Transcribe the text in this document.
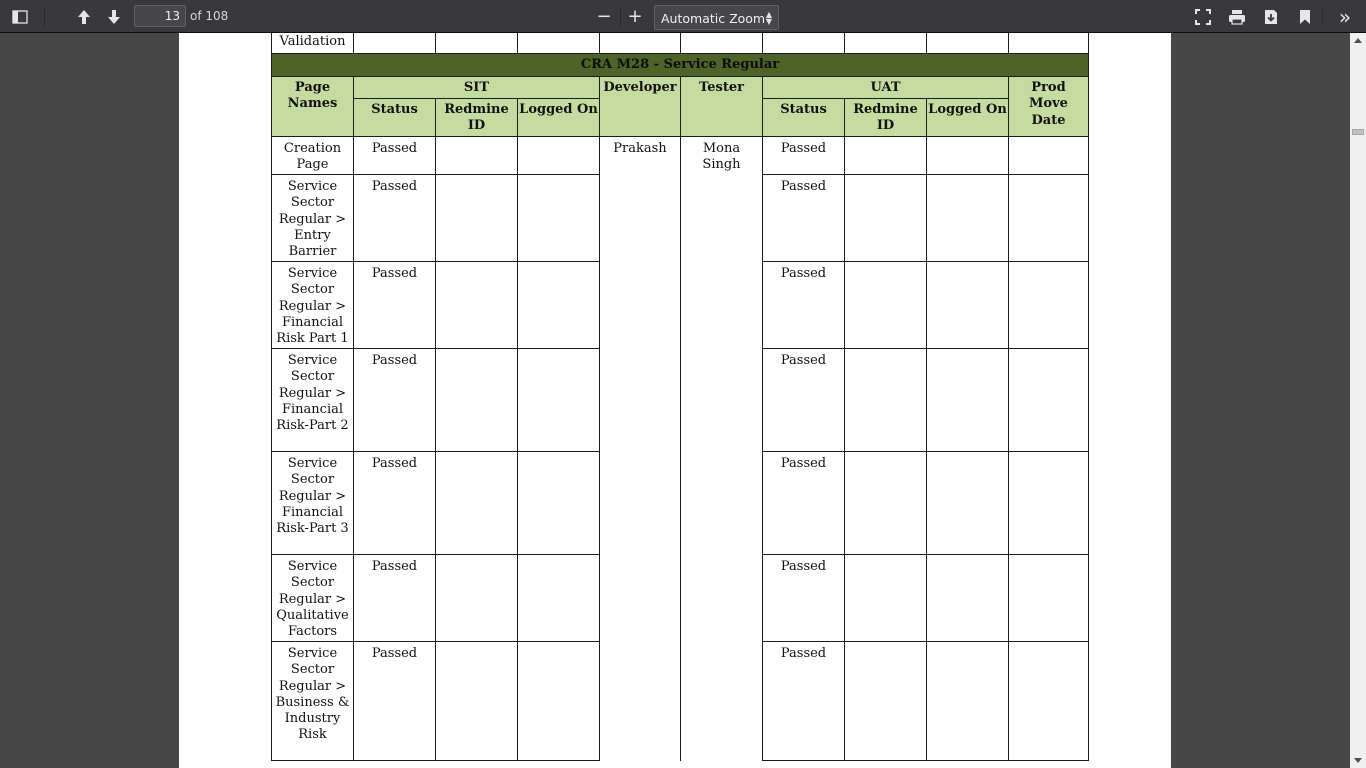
13 of 108	− +	Automatic Zoom ▲
▼	»
Validation									
CRA M28 - Service Regular									
Page Names	SIT			Developer	Tester	UAT			Prod Move Date
	Status	Redmine ID	Logged On			Status	Redmine ID	Logged On	
Creation Page	Passed			Prakash	Mona Singh	Passed			
Service Sector Regular > Entry Barrier	Passed					Passed			
Service Sector Regular > Financial Risk Part 1	Passed					Passed			
Service Sector Regular > Financial Risk-Part 2	Passed					Passed			
Service Sector Regular > Financial Risk-Part 3	Passed					Passed			
Service Sector Regular > Qualitative Factors	Passed					Passed			
Service Sector Regular > Business & Industry Risk	Passed					Passed			
